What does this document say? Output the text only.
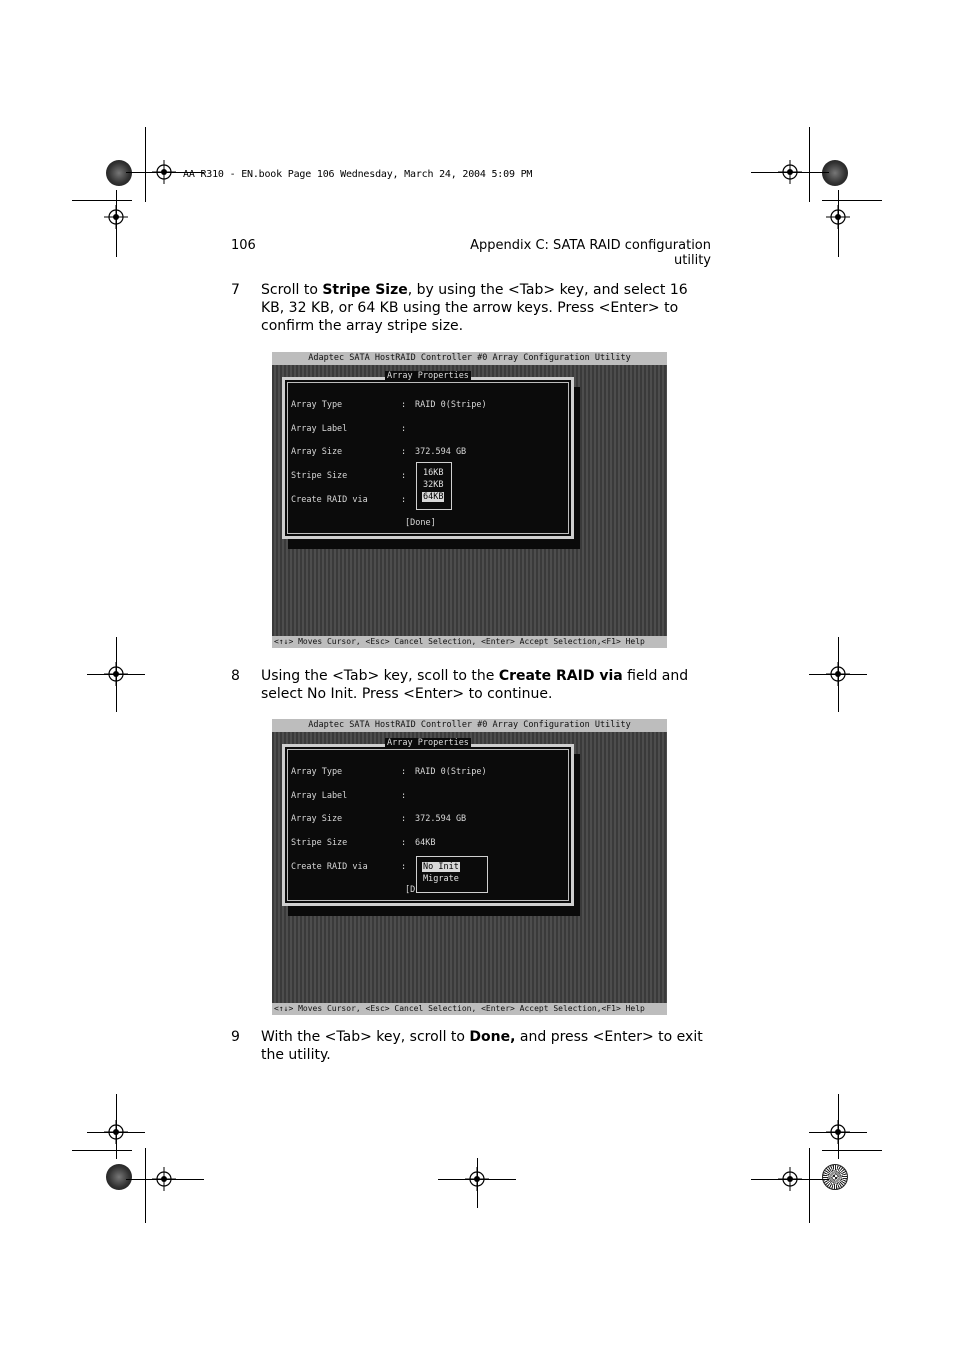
AA R310 - EN.book Page 106 Wednesday, March 24, 2004 5:09 PM
106	Appendix C: SATA RAID configuration utility
7 Scroll to Stripe Size, by using the <Tab> key, and select 16 KB, 32 KB, or 64 KB using the arrow keys. Press <Enter> to confirm the array stripe size.
Adaptec SATA HostRAID Controller #0 Array Configuration Utility
Array Properties
Array Type	: RAID 0(Stripe)
Array Label	:
Array Size	: 372.594 GB
Stripe Size	:
Create RAID via	:
16KB
32KB
64KB
[Done]
<↑↓> Moves Cursor, <Esc> Cancel Selection, <Enter> Accept Selection,<F1> Help
8 Using the <Tab> key, scoll to the Create RAID via field and select No Init. Press <Enter> to continue.
Adaptec SATA HostRAID Controller #0 Array Configuration Utility
Array Properties
Array Type	: RAID 0(Stripe)
Array Label	:
Array Size	: 372.594 GB
Stripe Size	: 64KB
Create RAID via	:
[D
No Init
Migrate
<↑↓> Moves Cursor, <Esc> Cancel Selection, <Enter> Accept Selection,<F1> Help
9 With the <Tab> key, scroll to Done, and press <Enter> to exit the utility.
